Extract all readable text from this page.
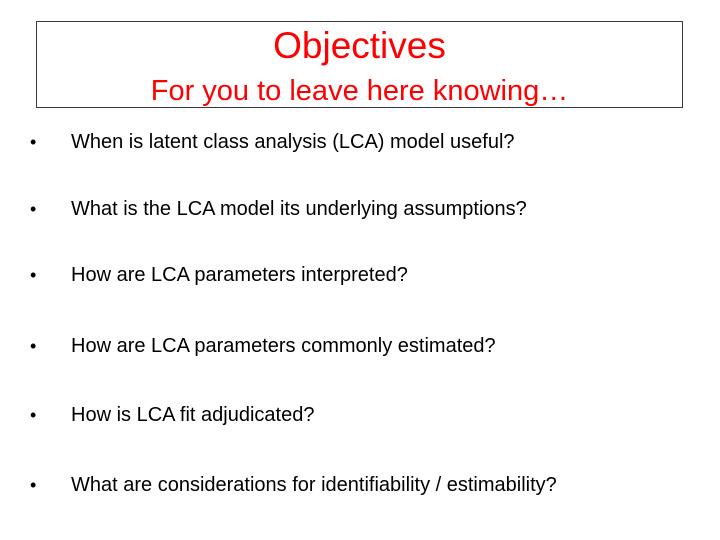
Objectives
For you to leave here knowing…
• When is latent class analysis (LCA) model useful?
• What is the LCA model its underlying assumptions?
• How are LCA parameters interpreted?
• How are LCA parameters commonly estimated?
• How is LCA fit adjudicated?
• What are considerations for identifiability / estimability?
